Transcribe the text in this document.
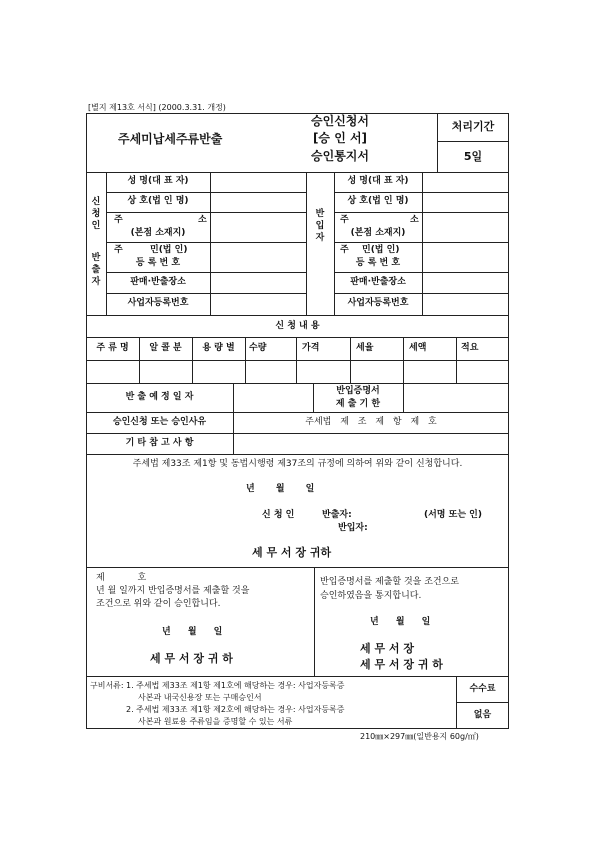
[별지 제13호 서식] (2000.3.31. 개정)
주세미납세주류반출
승인신청서
[승 인 서]
승인통지서
처리기간
5일
신청인
반출자
성 명(대 표 자)
상 호(법 인 명)
주	소
(본점 소재지)
주	민(법 인)
등 록 번 호
판매·반출장소
사업자등록번호
반입자
성 명(대 표 자)
상 호(법 인 명)
주	소
(본점 소재지)
주 민(법 인)
등 록 번 호
판매·반출장소
사업자등록번호
신 청 내 용
주 류 명	알 콜 분	용 량 별	수량	가격	세율	세액	적요
반 출 예 정 일 자
반입증명서
제 출 기 한
승인신청 또는 승인사유	주세법 제 조 제 항 제 호
기 타 참 고 사 항
주세법 제33조 제1항 및 동법시행령 제37조의 규정에 의하여 위와 같이 신청합니다.
년 월 일
신 청 인	반출자:
반입자:
(서명 또는 인)
세 무 서 장 귀하
제 호
년 월 일까지 반입증명서를 제출할 것을
조건으로 위와 같이 승인합니다.
년 월 일
세 무 서 장 귀 하
반입증명서를 제출할 것을 조건으로
승인하였음을 통지합니다.
년 월 일
세 무 서 장
세 무 서 장 귀 하
구비서류: 1. 주세법 제33조 제1항 제1호에 해당하는 경우: 사업자등록증
사본과 내국신용장 또는 구매승인서
2. 주세법 제33조 제1항 제2호에 해당하는 경우: 사업자등록증
사본과 원료용 주류임을 증명할 수 있는 서류
수수료
없음
210㎜×297㎜(일반용지 60g/㎡)
